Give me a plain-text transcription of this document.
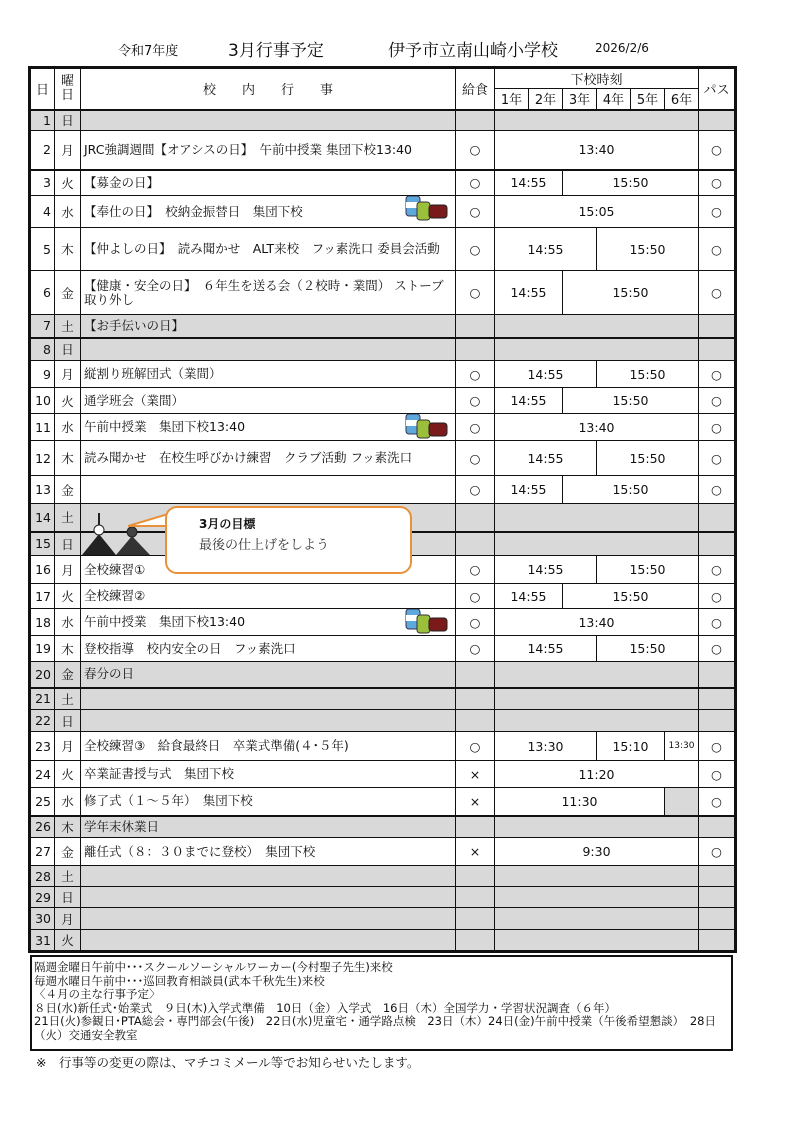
令和7年度	3月行事予定	伊予市立南山崎小学校	2026/2/6
日	曜日	校　　内　　行　　事	給食	下校時刻						パス
				1年	2年	3年	4年	5年	6年	
1	日									
2	月	JRC強調週間【オアシスの日】　午前中授業 集団下校13:40	○	13:40						○
3	火	【募金の日】	○	14:55		15:50				○
4	水	【奉仕の日】　校納金振替日　集団下校	○	15:05						○
5	木	【仲よしの日】　読み聞かせ　ALT来校　フッ素洗口 委員会活動	○	14:55			15:50			○
6	金	【健康・安全の日】　６年生を送る会（２校時・業間） ストーブ取り外し	○	14:55		15:50				○
7	土	【お手伝いの日】								
8	日									
9	月	縦割り班解団式（業間）	○	14:55			15:50			○
10	火	通学班会（業間）	○	14:55		15:50				○
11	水	午前中授業　集団下校13:40	○	13:40						○
12	木	読み聞かせ　在校生呼びかけ練習　クラブ活動 フッ素洗口	○	14:55			15:50			○
13	金		○	14:55		15:50				○
14	土									
15	日									
16	月	全校練習①	○	14:55			15:50			○
17	火	全校練習②	○	14:55		15:50				○
18	水	午前中授業　集団下校13:40	○	13:40						○
19	木	登校指導　校内安全の日　フッ素洗口	○	14:55			15:50			○
20	金	春分の日								
21	土									
22	日									
23	月	全校練習③　給食最終日　卒業式準備(４･５年)	○	13:30			15:10		13:30	○
24	火	卒業証書授与式　集団下校	×	11:20						○
25	水	修了式（１～５年）　集団下校	×	11:30						○
26	木	学年末休業日								
27	金	離任式（８：３０までに登校）　集団下校	×	9:30						○
28	土									
29	日									
30	月									
31	火									
3月の目標
最後の仕上げをしよう
隔週金曜日午前中･･･スクールソーシャルワーカー(今村聖子先生)来校
毎週水曜日午前中･･･巡回教育相談員(武本千秋先生)来校
〈４月の主な行事予定〉
８日(水)新任式･始業式　９日(木)入学式準備　10日（金）入学式　16日（木）全国学力・学習状況調査（６年）
21日(火)参観日･PTA総会・専門部会(午後)　22日(水)児童宅・通学路点検　23日（木）24日(金)午前中授業（午後希望懇談）　28日（火）交通安全教室
※　行事等の変更の際は、マチコミメール等でお知らせいたします。
